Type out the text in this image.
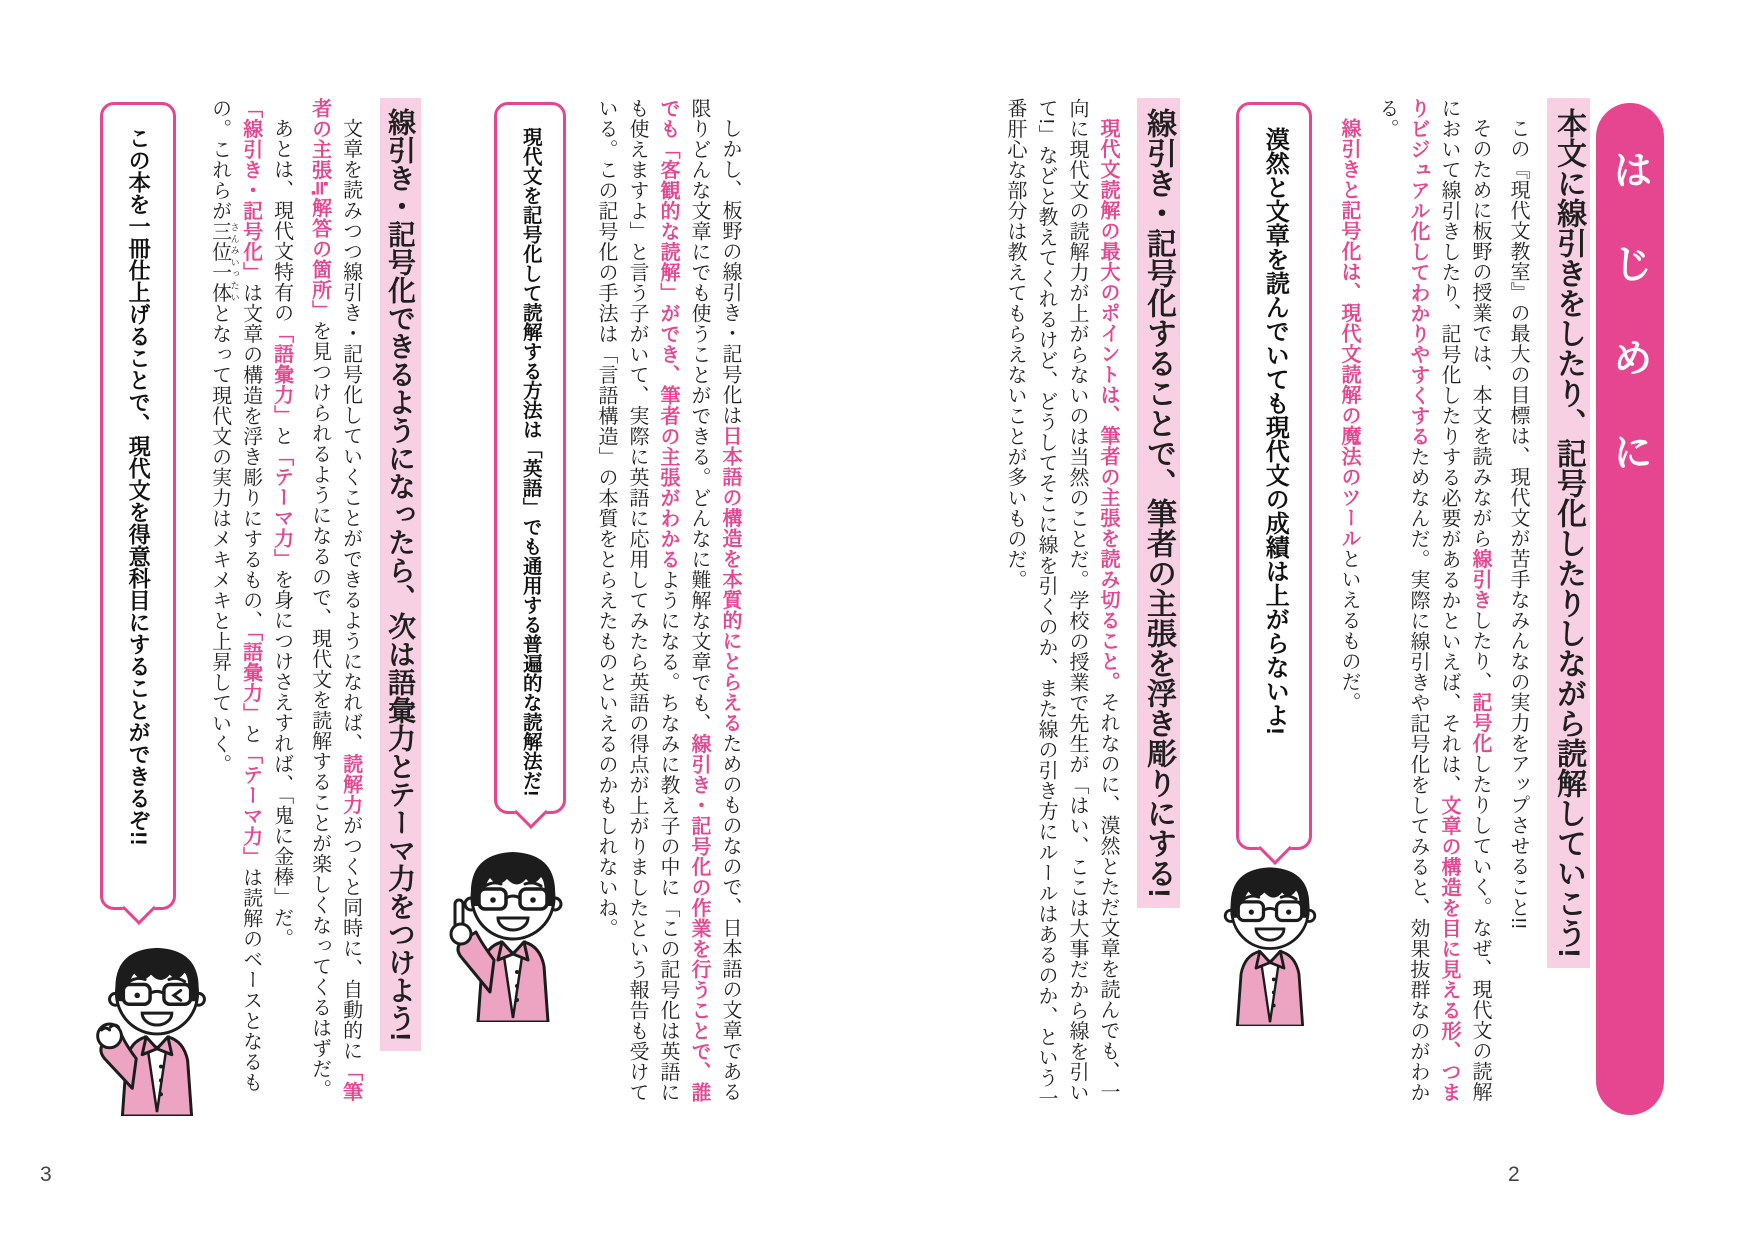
はじめに
本文に線引きをしたり、記号化したりしながら読解していこう!

この『現代文教室』の最大の目標は、現代文が苦手なみんなの実力をアップさせること!!

そのために板野の授業では、本文を読みながら線引きしたり、記号化したりしていく。なぜ、現代文の読解において線引きしたり、記号化したりする必要があるかといえば、それは、文章の構造を目に見える形、つまりビジュアル化してわかりやすくするためなんだ。実際に線引きや記号化をしてみると、効果抜群なのがわかる。

線引きと記号化は、現代文読解の魔法のツールといえるものだ。

漠然と文章を読んでいても現代文の成績は上がらないよ!
線引き・記号化することで、筆者の主張を浮き彫りにする!

現代文読解の最大のポイントは、筆者の主張を読み切ること。それなのに、漠然とただ文章を読んでも、一向に現代文の読解力が上がらないのは当然のことだ。学校の授業で先生が「はい、ここは大事だから線を引いて!」などと教えてくれるけど、どうしてそこに線を引くのか、また線の引き方にルールはあるのか、という一番肝心な部分は教えてもらえないことが多いものだ。

しかし、板野の線引き・記号化は日本語の構造を本質的にとらえるためのものなので、日本語の文章である限りどんな文章にでも使うことができる。どんなに難解な文章でも、線引き・記号化の作業を行うことで、誰でも「客観的な読解」ができ、筆者の主張がわかるようになる。ちなみに教え子の中に「この記号化は英語にも使えますよ」と言う子がいて、実際に英語に応用してみたら英語の得点が上がりましたという報告も受けている。この記号化の手法は「言語構造」の本質をとらえたものといえるのかもしれないね。

現代文を記号化して読解する方法は「英語」でも通用する普遍的な読解法だ!
線引き・記号化できるようになったら、次は語彙力とテーマ力をつけよう!

文章を読みつつ線引き・記号化していくことができるようになれば、読解力がつくと同時に、自動的に「筆者の主張≒解答の箇所」を見つけられるようになるので、現代文を読解することが楽しくなってくるはずだ。

あとは、現代文特有の「語彙力」と「テーマ力」を身につけさえすれば、「鬼に金棒」だ。「線引き・記号化」は文章の構造を浮き彫りにするもの、「語彙力」と「テーマ力」は読解のベースとなるもの。これらが三位一体 さんみいったいとなって現代文の実力はメキメキと上昇していく。

この本を一冊仕上げることで、現代文を得意科目にすることができるぞ!!
3	2
